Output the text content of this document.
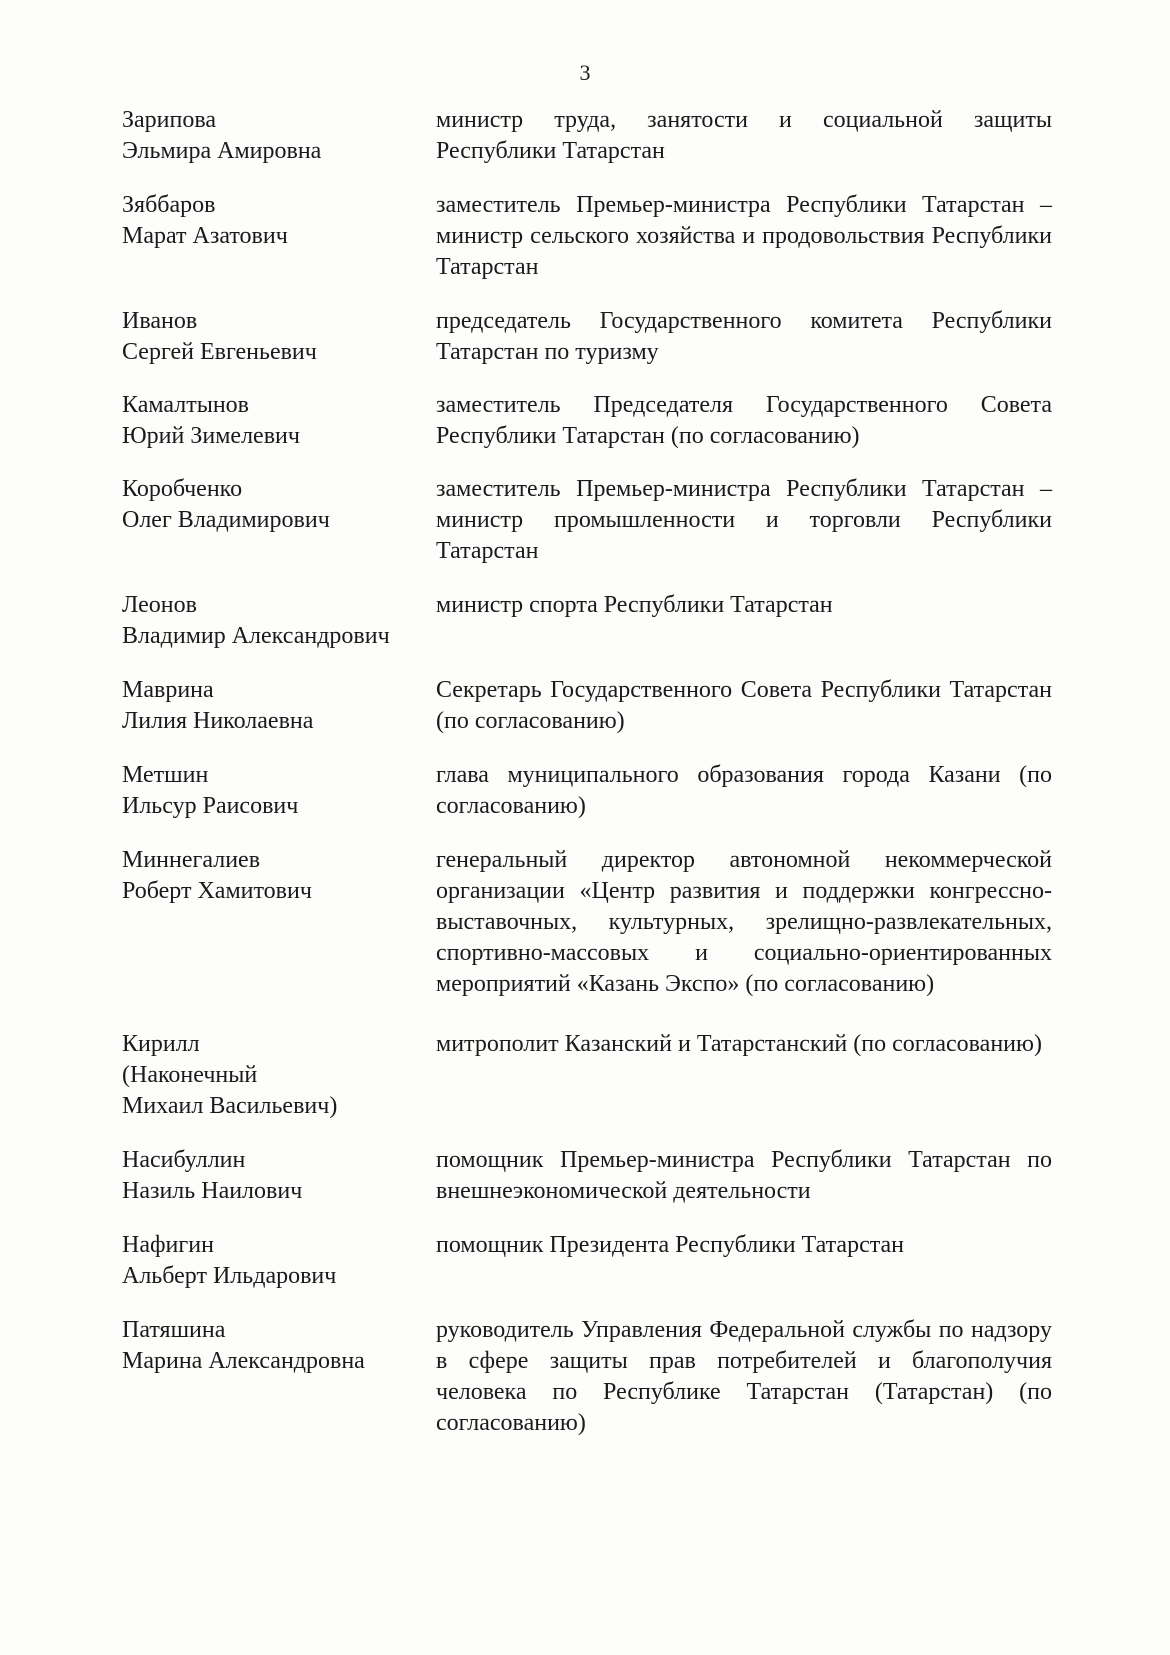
3
Зарипова
Эльмира Амировна
министр труда, занятости и социальной защиты Республики Татарстан
Зяббаров
Марат Азатович
заместитель Премьер-министра Республики Татарстан – министр сельского хозяйства и продовольствия Республики Татарстан
Иванов
Сергей Евгеньевич
председатель Государственного комитета Республики Татарстан по туризму
Камалтынов
Юрий Зимелевич
заместитель Председателя Государственного Совета Республики Татарстан (по согласованию)
Коробченко
Олег Владимирович
заместитель Премьер-министра Республики Татарстан – министр промышленности и торговли Республики Татарстан
Леонов
Владимир Александрович
министр спорта Республики Татарстан
Маврина
Лилия Николаевна
Секретарь Государственного Совета Республики Татарстан (по согласованию)
Метшин
Ильсур Раисович
глава муниципального образования города Казани (по согласованию)
Миннегалиев
Роберт Хамитович
генеральный директор автономной некоммерческой организации «Центр развития и поддержки конгрессно-выставочных, культурных, зрелищно-развлекательных, спортивно-массовых и социально-ориентированных мероприятий «Казань Экспо» (по согласованию)
Кирилл
(Наконечный
Михаил Васильевич)
митрополит Казанский и Татарстанский (по согласованию)
Насибуллин
Назиль Наилович
помощник Премьер-министра Республики Татарстан по внешнеэкономической деятельности
Нафигин
Альберт Ильдарович
помощник Президента Республики Татарстан
Патяшина
Марина Александровна
руководитель Управления Федеральной службы по надзору в сфере защиты прав потребителей и благополучия человека по Республике Татарстан (Татарстан) (по согласованию)
